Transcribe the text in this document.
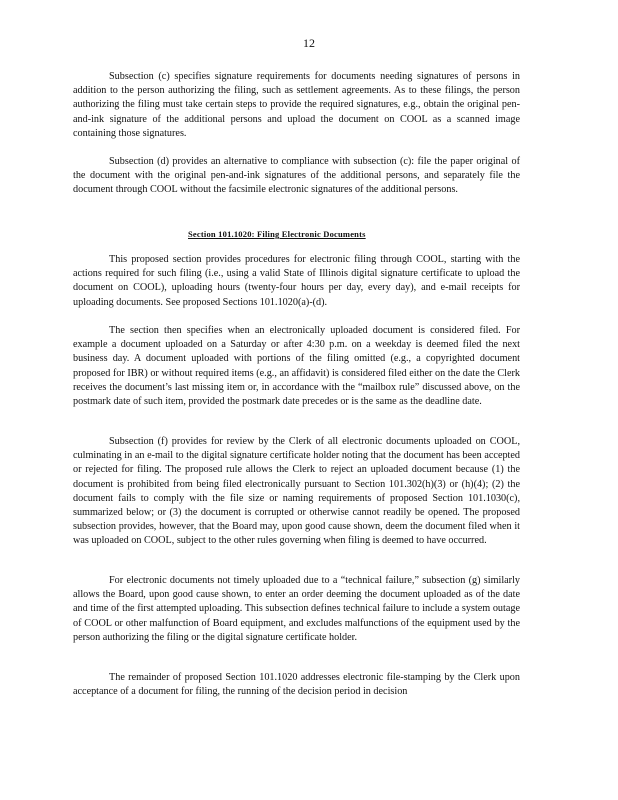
12

Subsection (c) specifies signature requirements for documents needing signatures of persons in addition to the person authorizing the filing, such as settlement agreements. As to these filings, the person authorizing the filing must take certain steps to provide the required signatures, e.g., obtain the original pen-and-ink signature of the additional persons and upload the document on COOL as a scanned image containing those signatures.

Subsection (d) provides an alternative to compliance with subsection (c): file the paper original of the document with the original pen-and-ink signatures of the additional persons, and separately file the document through COOL without the facsimile electronic signatures of the additional persons.

Section 101.1020: Filing Electronic Documents

This proposed section provides procedures for electronic filing through COOL, starting with the actions required for such filing (i.e., using a valid State of Illinois digital signature certificate to upload the document on COOL), uploading hours (twenty-four hours per day, every day), and e-mail receipts for uploading documents. See proposed Sections 101.1020(a)-(d).

The section then specifies when an electronically uploaded document is considered filed. For example a document uploaded on a Saturday or after 4:30 p.m. on a weekday is deemed filed the next business day. A document uploaded with portions of the filing omitted (e.g., a copyrighted document proposed for IBR) or without required items (e.g., an affidavit) is considered filed either on the date the Clerk receives the document’s last missing item or, in accordance with the “mailbox rule” discussed above, on the postmark date of such item, provided the postmark date precedes or is the same as the deadline date.

Subsection (f) provides for review by the Clerk of all electronic documents uploaded on COOL, culminating in an e-mail to the digital signature certificate holder noting that the document has been accepted or rejected for filing. The proposed rule allows the Clerk to reject an uploaded document because (1) the document is prohibited from being filed electronically pursuant to Section 101.302(h)(3) or (h)(4); (2) the document fails to comply with the file size or naming requirements of proposed Section 101.1030(c), summarized below; or (3) the document is corrupted or otherwise cannot readily be opened. The proposed subsection provides, however, that the Board may, upon good cause shown, deem the document filed when it was uploaded on COOL, subject to the other rules governing when filing is deemed to have occurred.

For electronic documents not timely uploaded due to a “technical failure,” subsection (g) similarly allows the Board, upon good cause shown, to enter an order deeming the document uploaded as of the date and time of the first attempted uploading. This subsection defines technical failure to include a system outage of COOL or other malfunction of Board equipment, and excludes malfunctions of the equipment used by the person authorizing the filing or the digital signature certificate holder.

The remainder of proposed Section 101.1020 addresses electronic file-stamping by the Clerk upon acceptance of a document for filing, the running of the decision period in decision
